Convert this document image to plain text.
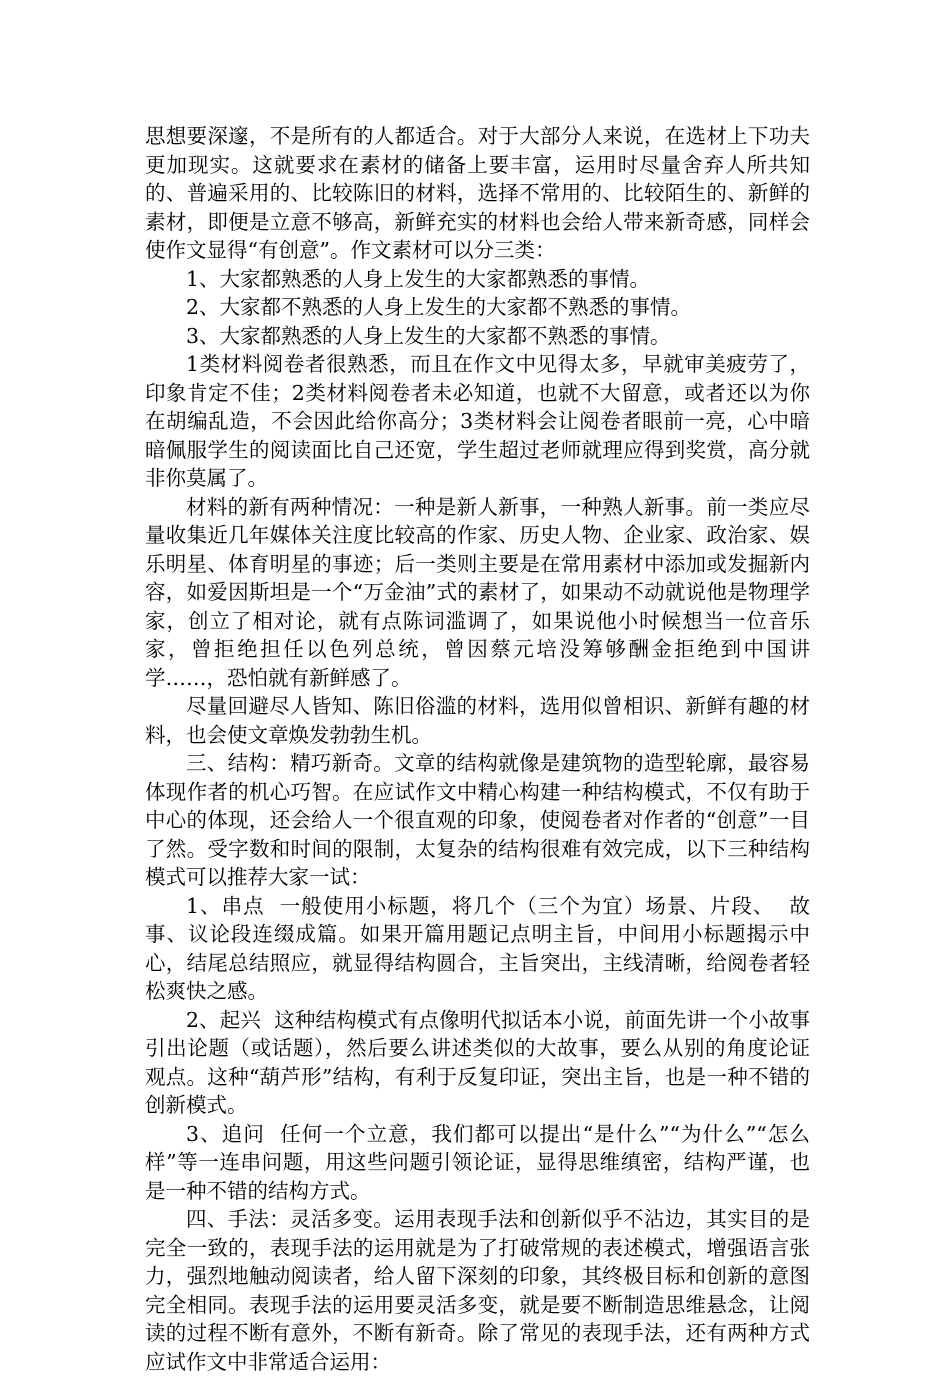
思想要深邃，不是所有的人都适合。对于大部分人来说，在选材上下功夫更加现实。这就要求在素材的储备上要丰富，运用时尽量舍弃人所共知的、普遍采用的、比较陈旧的材料，选择不常用的、比较陌生的、新鲜的素材，即便是立意不够高，新鲜充实的材料也会给人带来新奇感，同样会使作文显得“有创意”。作文素材可以分三类：

1、大家都熟悉的人身上发生的大家都熟悉的事情。

2、大家都不熟悉的人身上发生的大家都不熟悉的事情。

3、大家都熟悉的人身上发生的大家都不熟悉的事情。

1类材料阅卷者很熟悉，而且在作文中见得太多，早就审美疲劳了，印象肯定不佳；2类材料阅卷者未必知道，也就不大留意，或者还以为你在胡编乱造，不会因此给你高分；3类材料会让阅卷者眼前一亮，心中暗暗佩服学生的阅读面比自己还宽，学生超过老师就理应得到奖赏，高分就非你莫属了。

材料的新有两种情况：一种是新人新事，一种熟人新事。前一类应尽量收集近几年媒体关注度比较高的作家、历史人物、企业家、政治家、娱乐明星、体育明星的事迹；后一类则主要是在常用素材中添加或发掘新内容，如爱因斯坦是一个“万金油”式的素材了，如果动不动就说他是物理学家，创立了相对论，就有点陈词滥调了，如果说他小时候想当一位音乐家，曾拒绝担任以色列总统，曾因蔡元培没筹够酬金拒绝到中国讲学……，恐怕就有新鲜感了。

尽量回避尽人皆知、陈旧俗滥的材料，选用似曾相识、新鲜有趣的材料，也会使文章焕发勃勃生机。

三、结构：精巧新奇。文章的结构就像是建筑物的造型轮廓，最容易体现作者的机心巧智。在应试作文中精心构建一种结构模式，不仅有助于中心的体现，还会给人一个很直观的印象，使阅卷者对作者的“创意”一目了然。受字数和时间的限制，太复杂的结构很难有效完成，以下三种结构模式可以推荐大家一试：

1、串点  一般使用小标题，将几个（三个为宜）场景、片段、  故事、议论段连缀成篇。如果开篇用题记点明主旨，中间用小标题揭示中心，结尾总结照应，就显得结构圆合，主旨突出，主线清晰，给阅卷者轻松爽快之感。

2、起兴  这种结构模式有点像明代拟话本小说，前面先讲一个小故事引出论题（或话题），然后要么讲述类似的大故事，要么从别的角度论证观点。这种“葫芦形”结构，有利于反复印证，突出主旨，也是一种不错的创新模式。

3、追问  任何一个立意，我们都可以提出“是什么”“为什么”“怎么样”等一连串问题，用这些问题引领论证，显得思维缜密，结构严谨，也是一种不错的结构方式。

四、手法：灵活多变。运用表现手法和创新似乎不沾边，其实目的是完全一致的，表现手法的运用就是为了打破常规的表述模式，增强语言张力，强烈地触动阅读者，给人留下深刻的印象，其终极目标和创新的意图完全相同。表现手法的运用要灵活多变，就是要不断制造思维悬念，让阅读的过程不断有意外，不断有新奇。除了常见的表现手法，还有两种方式应试作文中非常适合运用：
